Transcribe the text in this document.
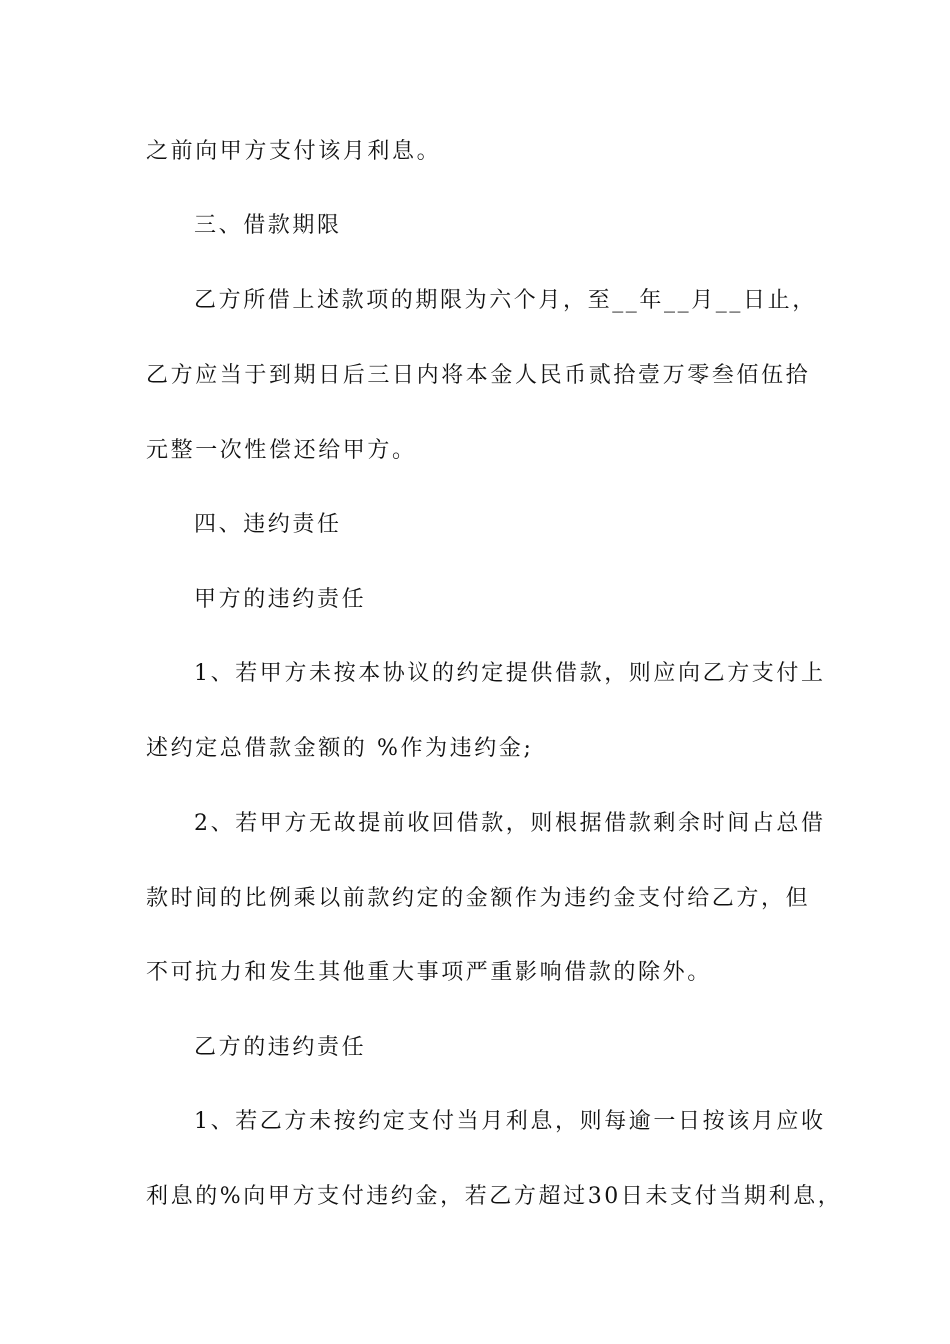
之前向甲方支付该月利息。
三、借款期限
乙方所借上述款项的期限为六个月，至__年__月__日止，
乙方应当于到期日后三日内将本金人民币贰拾壹万零叁佰伍拾
元整一次性偿还给甲方。
四、违约责任
甲方的违约责任
1、若甲方未按本协议的约定提供借款，则应向乙方支付上
述约定总借款金额的 %作为违约金;
2、若甲方无故提前收回借款，则根据借款剩余时间占总借
款时间的比例乘以前款约定的金额作为违约金支付给乙方，但
不可抗力和发生其他重大事项严重影响借款的除外。
乙方的违约责任
1、若乙方未按约定支付当月利息，则每逾一日按该月应收
利息的%向甲方支付违约金，若乙方超过30日未支付当期利息，
